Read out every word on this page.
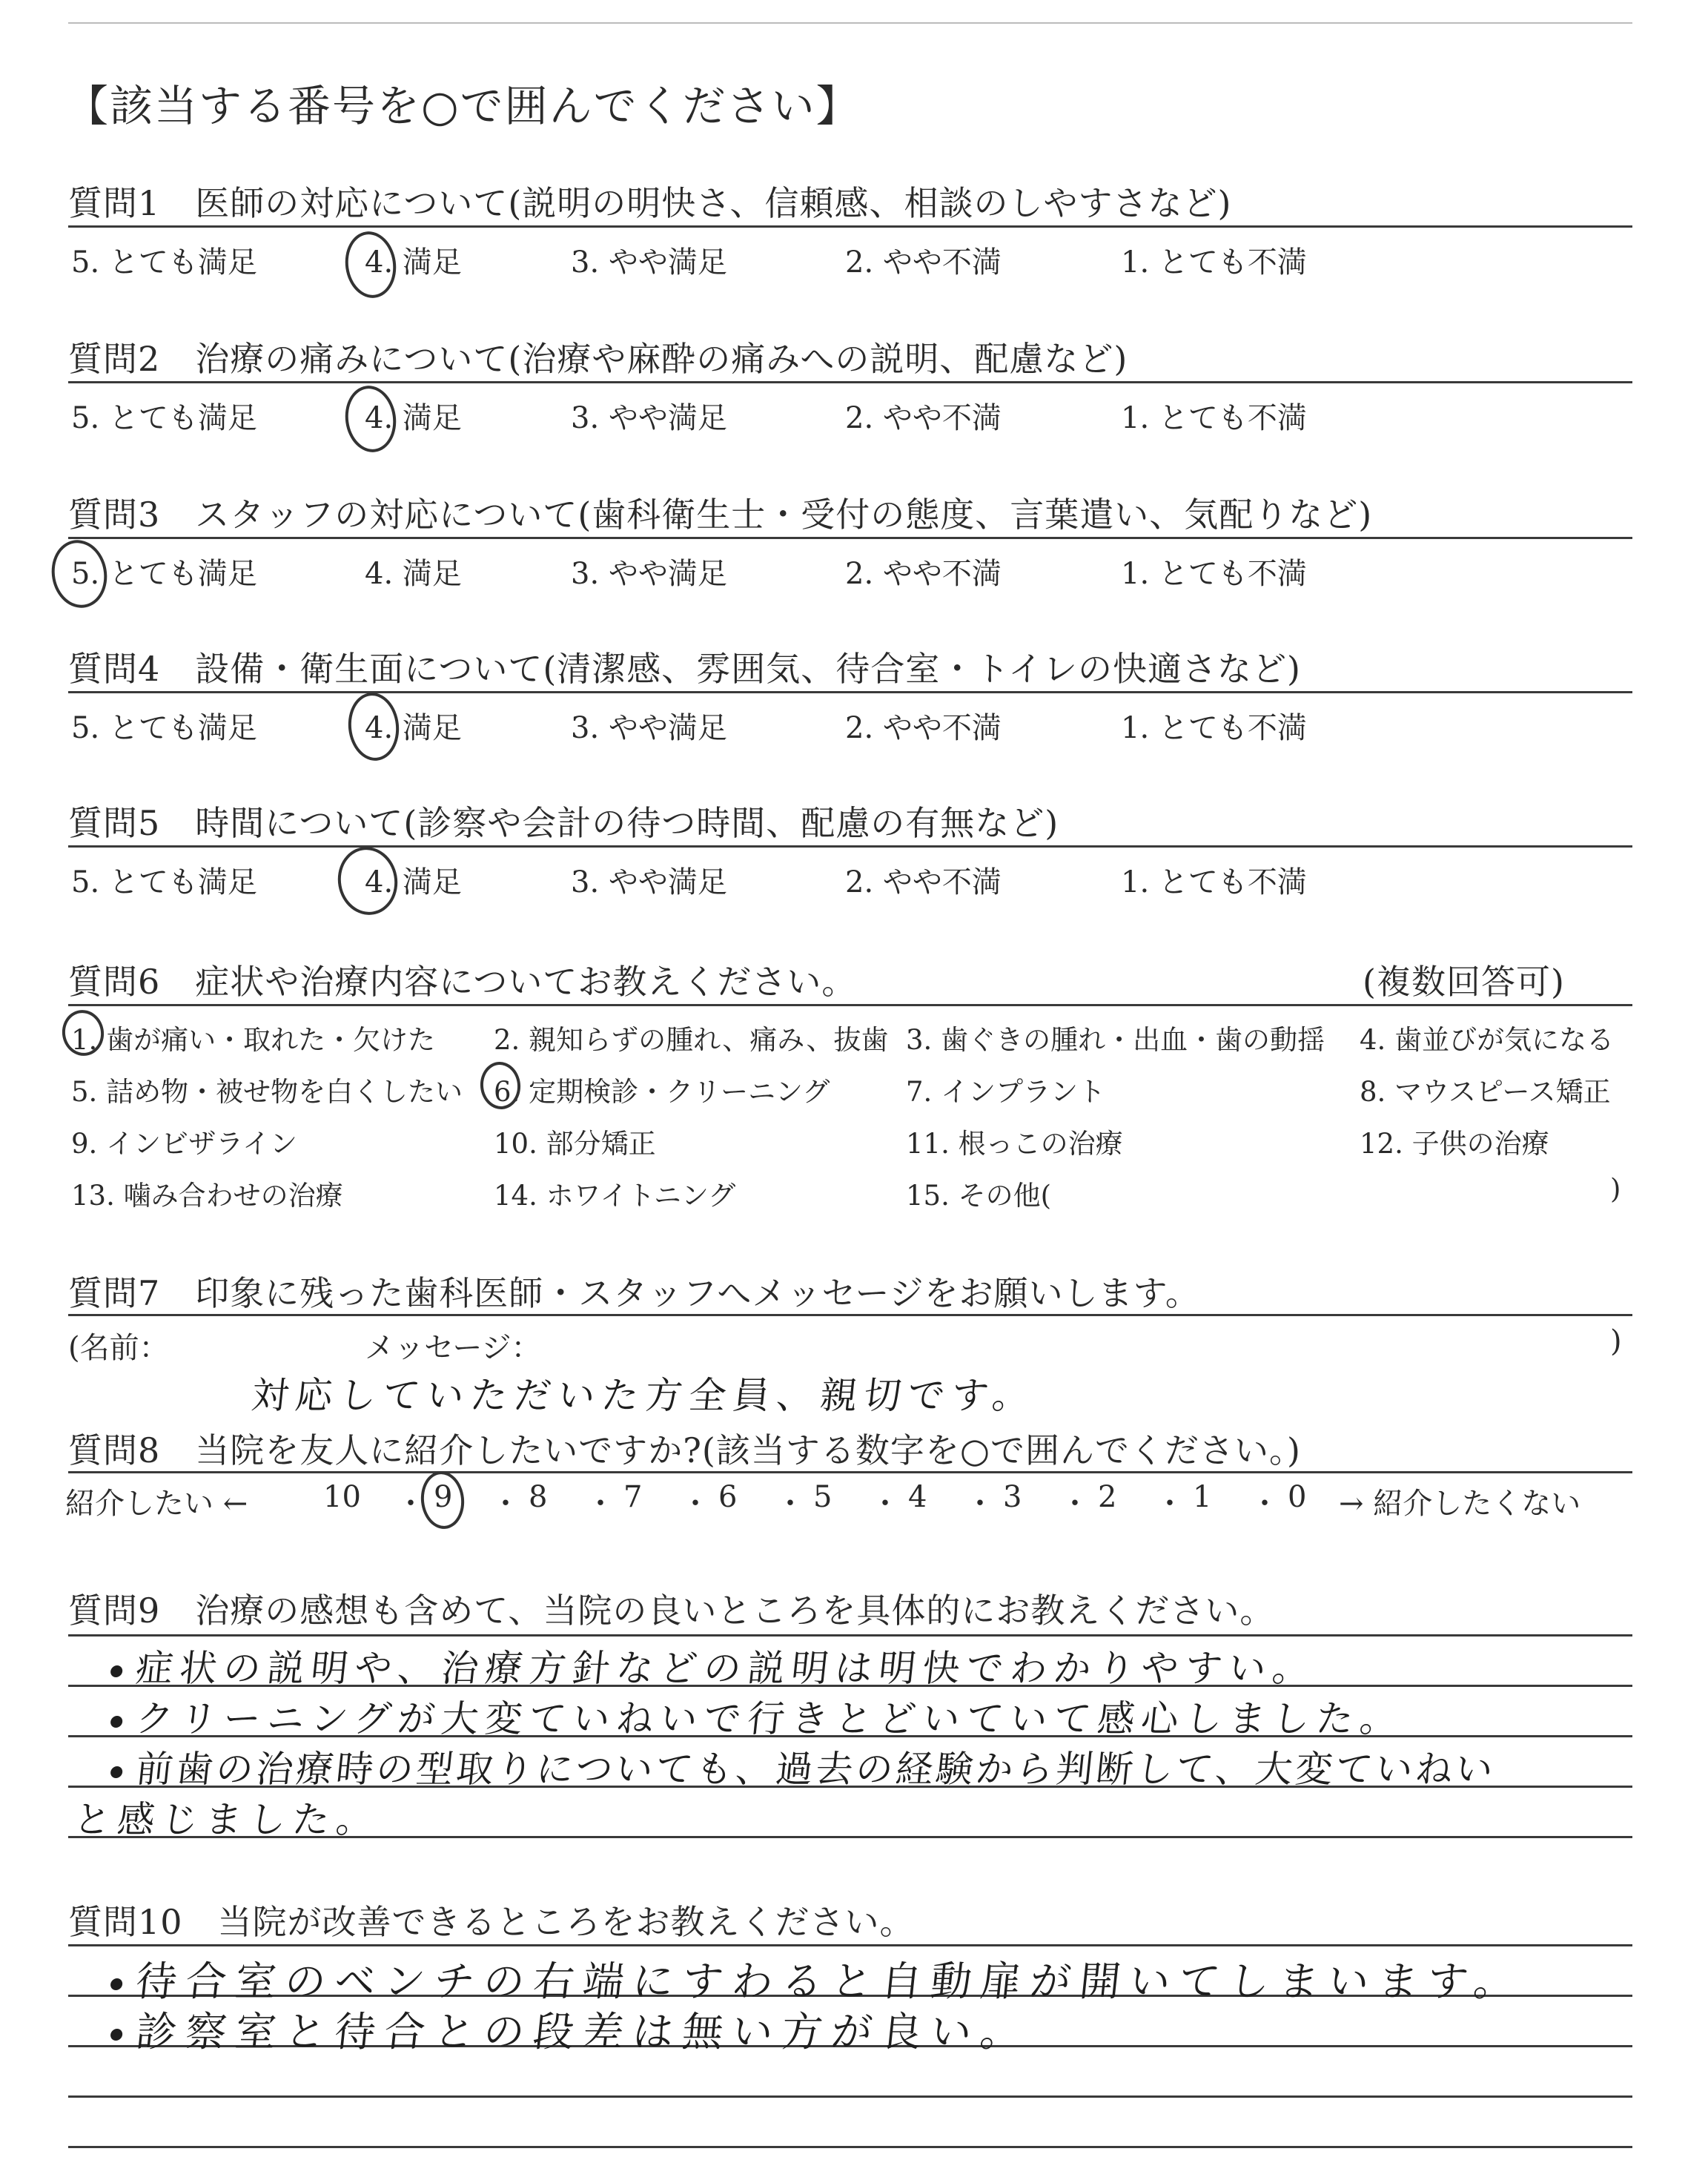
【該当する番号を○で囲んでください】
質問1　医師の対応について(説明の明快さ、信頼感、相談のしやすさなど)
5. とても満足	4. 満足	3. やや満足	2. やや不満	1. とても不満
質問2　治療の痛みについて(治療や麻酔の痛みへの説明、配慮など)
5. とても満足	4. 満足	3. やや満足	2. やや不満	1. とても不満
質問3　スタッフの対応について(歯科衛生士・受付の態度、言葉遣い、気配りなど)
5. とても満足	4. 満足	3. やや満足	2. やや不満	1. とても不満
質問4　設備・衛生面について(清潔感、雰囲気、待合室・トイレの快適さなど)
5. とても満足	4. 満足	3. やや満足	2. やや不満	1. とても不満
質問5　時間について(診察や会計の待つ時間、配慮の有無など)
5. とても満足	4. 満足	3. やや満足	2. やや不満	1. とても不満
質問6　症状や治療内容についてお教えください。	(複数回答可)
1. 歯が痛い・取れた・欠けた 2. 親知らずの腫れ、痛み、抜歯 3. 歯ぐきの腫れ・出血・歯の動揺 4. 歯並びが気になる
5. 詰め物・被せ物を白くしたい 6. 定期検診・クリーニング	7. インプラント	8. マウスピース矯正
9. インビザライン	10. 部分矯正	11. 根っこの治療	12. 子供の治療
13. 噛み合わせの治療	14. ホワイトニング	15. その他(	)
質問7　印象に残った歯科医師・スタッフへメッセージをお願いします。
(名前：	メッセージ：	)
対応していただいた方全員、親切です。
質問8　当院を友人に紹介したいですか?(該当する数字を○で囲んでください。)
紹介したい ←	→ 紹介したくない
10 9	8	7	6	5	4	3	2	1	0
・ ・ ・ ・ ・ ・ ・ ・ ・ ・
質問9　治療の感想も含めて、当院の良いところを具体的にお教えください。
症状の説明や、治療方針などの説明は明快でわかりやすい。
クリーニングが大変ていねいで行きとどいていて感心しました。
前歯の治療時の型取りについても、過去の経験から判断して、大変ていねい
と感じました。
質問10　当院が改善できるところをお教えください。
待合室のベンチの右端にすわると自動扉が開いてしまいます。
診察室と待合との段差は無い方が良い。
